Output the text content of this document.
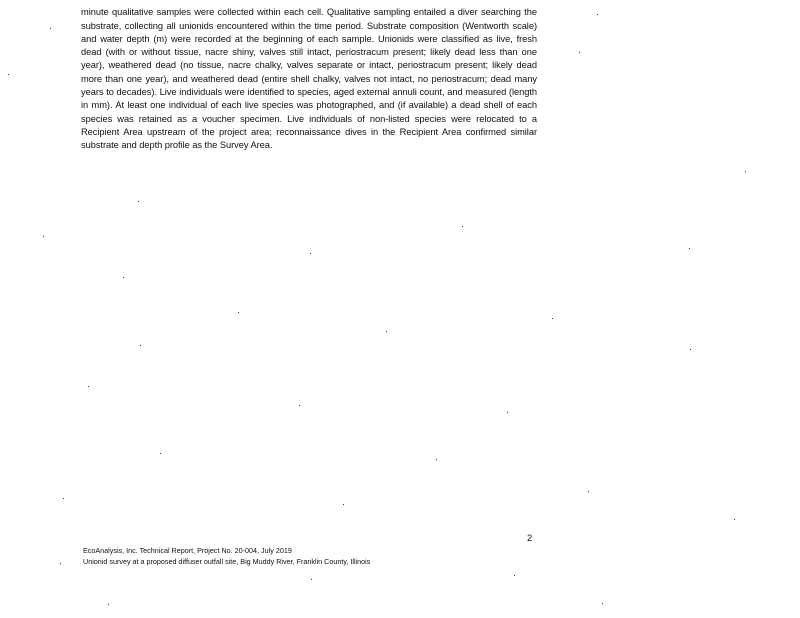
minute qualitative samples were collected within each cell. Qualitative sampling entailed a diver searching the substrate, collecting all unionids encountered within the time period. Substrate composition (Wentworth scale) and water depth (m) were recorded at the beginning of each sample. Unionids were classified as live, fresh dead (with or without tissue, nacre shiny, valves still intact, periostracum present; likely dead less than one year), weathered dead (no tissue, nacre chalky, valves separate or intact, periostracum present; likely dead more than one year), and weathered dead (entire shell chalky, valves not intact, no periostracum; dead many years to decades). Live individuals were identified to species, aged external annuli count, and measured (length in mm). At least one individual of each live species was photographed, and (if available) a dead shell of each species was retained as a voucher specimen. Live individuals of non-listed species were relocated to a Recipient Area upstream of the project area; reconnaissance dives in the Recipient Area confirmed similar substrate and depth profile as the Survey Area.

2
EcoAnalysis, Inc. Technical Report, Project No. 20-004, July 2019
Unionid survey at a proposed diffuser outfall site, Big Muddy River, Franklin County, Illinois
